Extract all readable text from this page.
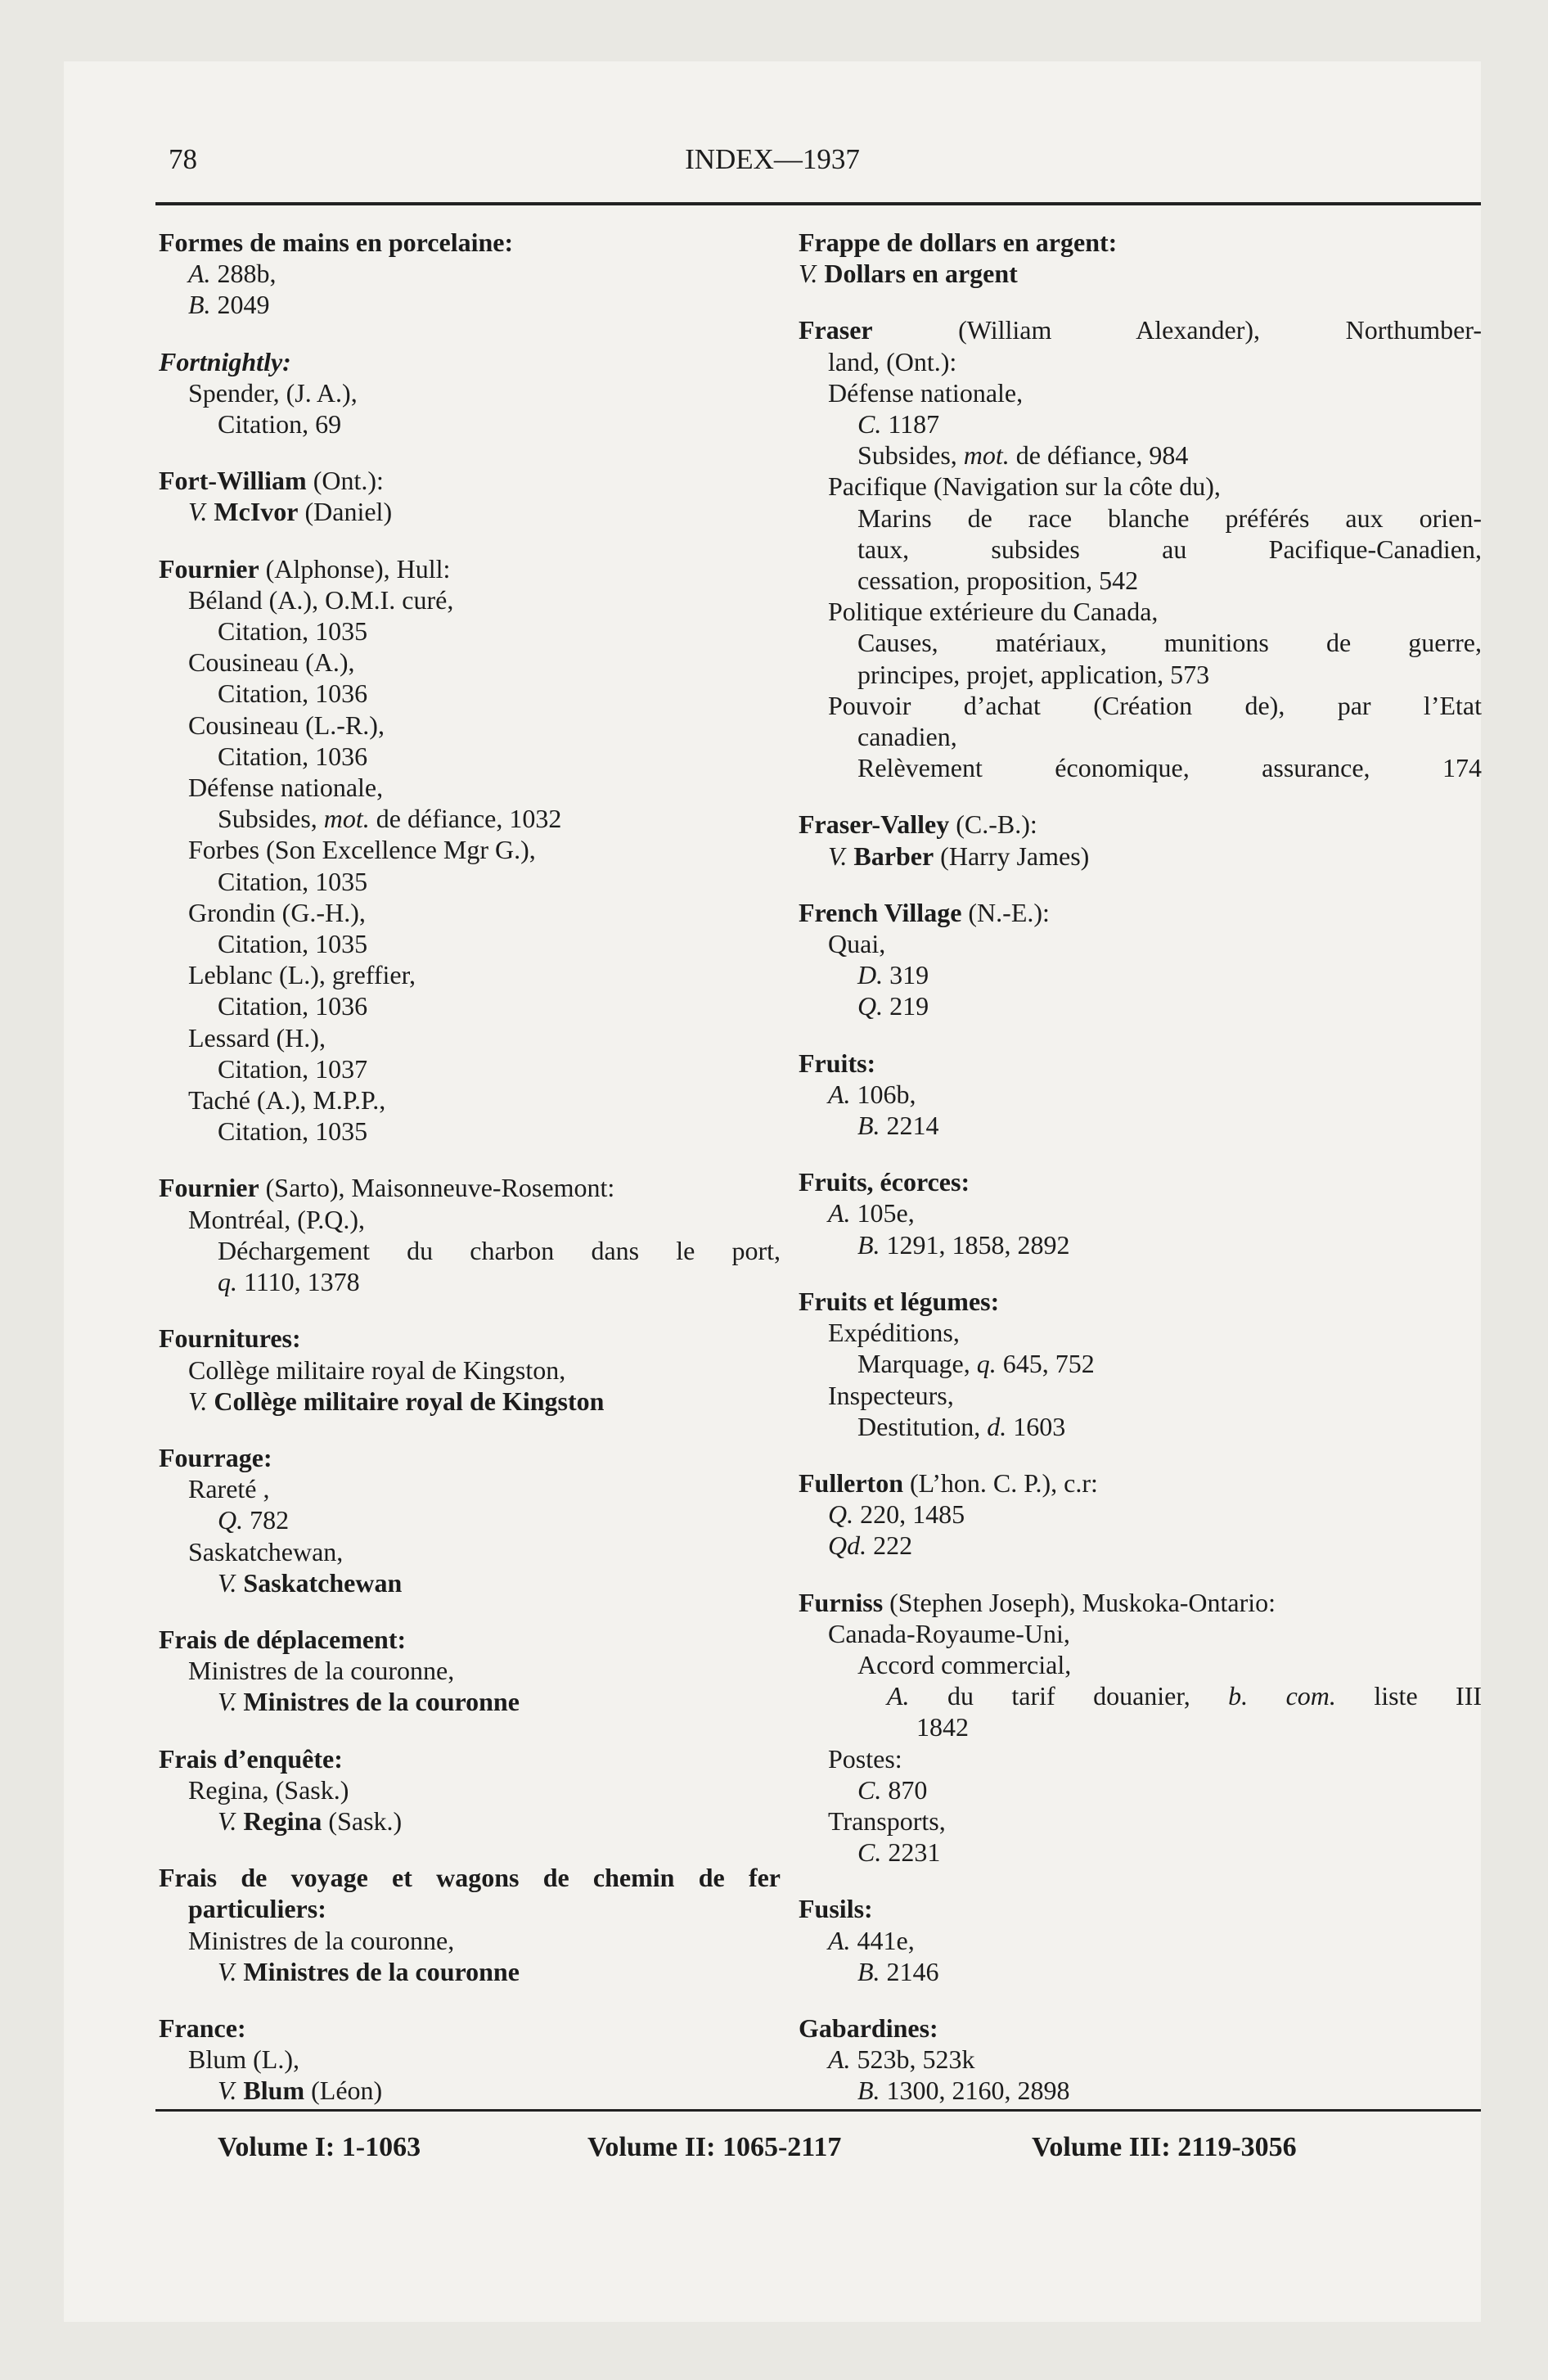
78	INDEX—1937
Formes de mains en porcelaine:
A. 288b,
B. 2049
Fortnightly:
Spender, (J. A.),
Citation, 69
Fort-William (Ont.):
V. McIvor (Daniel)
Fournier (Alphonse), Hull:
Béland (A.), O.M.I. curé,
Citation, 1035
Cousineau (A.),
Citation, 1036
Cousineau (L.-R.),
Citation, 1036
Défense nationale,
Subsides, mot. de défiance, 1032
Forbes (Son Excellence Mgr G.),
Citation, 1035
Grondin (G.-H.),
Citation, 1035
Leblanc (L.), greffier,
Citation, 1036
Lessard (H.),
Citation, 1037
Taché (A.), M.P.P.,
Citation, 1035
Fournier (Sarto), Maisonneuve-Rosemont:
Montréal, (P.Q.),
Déchargement du charbon dans le port,
q. 1110, 1378
Fournitures:
Collège militaire royal de Kingston,
V. Collège militaire royal de Kingston
Fourrage:
Rareté ,
Q. 782
Saskatchewan,
V. Saskatchewan
Frais de déplacement:
Ministres de la couronne,
V. Ministres de la couronne
Frais d’enquête:
Regina, (Sask.)
V. Regina (Sask.)
Frais de voyage et wagons de chemin de fer
particuliers:
Ministres de la couronne,
V. Ministres de la couronne
France:
Blum (L.),
V. Blum (Léon)
Frappe de dollars en argent:
V. Dollars en argent
Fraser (William Alexander), Northumber-
land, (Ont.):
Défense nationale,
C. 1187
Subsides, mot. de défiance, 984
Pacifique (Navigation sur la côte du),
Marins de race blanche préférés aux orien-
taux, subsides au Pacifique-Canadien,
cessation, proposition, 542
Politique extérieure du Canada,
Causes, matériaux, munitions de guerre,
principes, projet, application, 573
Pouvoir d’achat (Création de), par l’Etat
canadien,
Relèvement économique, assurance, 174
Fraser-Valley (C.-B.):
V. Barber (Harry James)
French Village (N.-E.):
Quai,
D. 319
Q. 219
Fruits:
A. 106b,
B. 2214
Fruits, écorces:
A. 105e,
B. 1291, 1858, 2892
Fruits et légumes:
Expéditions,
Marquage, q. 645, 752
Inspecteurs,
Destitution, d. 1603
Fullerton (L’hon. C. P.), c.r:
Q. 220, 1485
Qd. 222
Furniss (Stephen Joseph), Muskoka-Ontario:
Canada-Royaume-Uni,
Accord commercial,
A. du tarif douanier, b. com. liste III
1842
Postes:
C. 870
Transports,
C. 2231
Fusils:
A. 441e,
B. 2146
Gabardines:
A. 523b, 523k
B. 1300, 2160, 2898
Volume I: 1-1063	Volume II: 1065-2117	Volume III: 2119-3056
